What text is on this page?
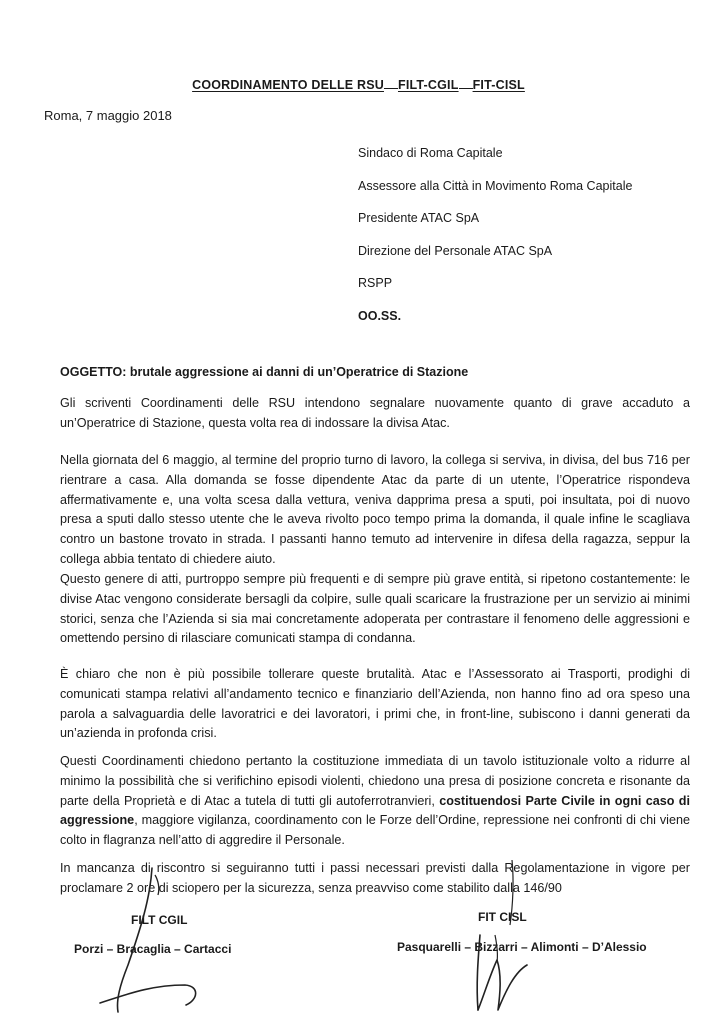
COORDINAMENTO DELLE RSU FILT-CGIL FIT-CISL
Roma, 7 maggio 2018
Sindaco di Roma Capitale
Assessore alla Città in Movimento Roma Capitale
Presidente ATAC SpA
Direzione del Personale ATAC SpA
RSPP
OO.SS.
OGGETTO: brutale aggressione ai danni di un’Operatrice di Stazione

Gli scriventi Coordinamenti delle RSU intendono segnalare nuovamente quanto di grave accaduto a un’Operatrice di Stazione, questa volta rea di indossare la divisa Atac.

Nella giornata del 6 maggio, al termine del proprio turno di lavoro, la collega si serviva, in divisa, del bus 716 per rientrare a casa. Alla domanda se fosse dipendente Atac da parte di un utente, l’Operatrice rispondeva affermativamente e, una volta scesa dalla vettura, veniva dapprima presa a sputi, poi insultata, poi di nuovo presa a sputi dallo stesso utente che le aveva rivolto poco tempo prima la domanda, il quale infine le scagliava contro un bastone trovato in strada. I passanti hanno temuto ad intervenire in difesa della ragazza, seppur la collega abbia tentato di chiedere aiuto.

Questo genere di atti, purtroppo sempre più frequenti e di sempre più grave entità, si ripetono costantemente: le divise Atac vengono considerate bersagli da colpire, sulle quali scaricare la frustrazione per un servizio ai minimi storici, senza che l’Azienda si sia mai concretamente adoperata per contrastare il fenomeno delle aggressioni e omettendo persino di rilasciare comunicati stampa di condanna.

È chiaro che non è più possibile tollerare queste brutalità. Atac e l’Assessorato ai Trasporti, prodighi di comunicati stampa relativi all’andamento tecnico e finanziario dell’Azienda, non hanno fino ad ora speso una parola a salvaguardia delle lavoratrici e dei lavoratori, i primi che, in front-line, subiscono i danni generati da un’azienda in profonda crisi.

Questi Coordinamenti chiedono pertanto la costituzione immediata di un tavolo istituzionale volto a ridurre al minimo la possibilità che si verifichino episodi violenti, chiedono una presa di posizione concreta e risonante da parte della Proprietà e di Atac a tutela di tutti gli autoferrotranvieri, costituendosi Parte Civile in ogni caso di aggressione, maggiore vigilanza, coordinamento con le Forze dell’Ordine, repressione nei confronti di chi viene colto in flagranza nell’atto di aggredire il Personale.

In mancanza di riscontro si seguiranno tutti i passi necessari previsti dalla Regolamentazione in vigore per proclamare 2 ore di sciopero per la sicurezza, senza preavviso come stabilito dalla 146/90

FILT CGIL
Porzi – Bracaglia – Cartacci
FIT CISL
Pasquarelli – Bizzarri – Alimonti – D’Alessio
